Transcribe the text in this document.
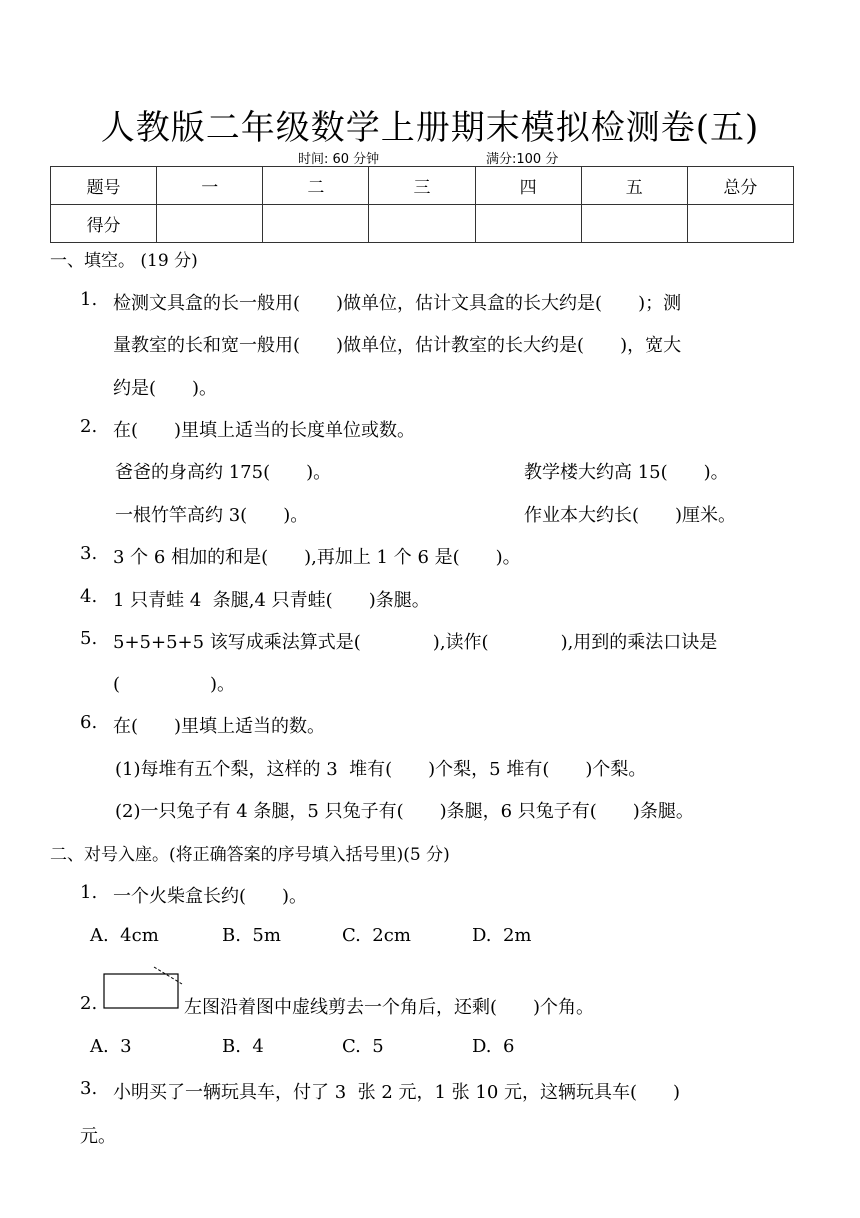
人教版二年级数学上册期末模拟检测卷(五)
时间: 60 分钟	满分:100 分
题号	一	二	三	四	五	总分
得分						
一、填空。 (19 分)
1. 检测文具盒的长一般用(　　)做单位，估计文具盒的长大约是(　　)；测
量教室的长和宽一般用(　　)做单位，估计教室的长大约是(　　)，宽大
约是(　　)。
2. 在(　　)里填上适当的长度单位或数。
爸爸的身高约 175(　　)。	教学楼大约高 15(　　)。
一根竹竿高约 3(　　)。	作业本大约长(　　)厘米。
3. 3 个 6 相加的和是(　　),再加上 1 个 6 是(　　)。
4. 1 只青蛙 4  条腿,4 只青蛙(　　)条腿。
5. 5+5+5+5 该写成乘法算式是(　　　　),读作(　　　　),用到的乘法口诀是
(　　　　　)。
6. 在(　　)里填上适当的数。
(1)每堆有五个梨，这样的 3  堆有(　　)个梨，5 堆有(　　)个梨。
(2)一只兔子有 4 条腿，5 只兔子有(　　)条腿，6 只兔子有(　　)条腿。
二、对号入座。(将正确答案的序号填入括号里)(5 分)
1. 一个火柴盒长约(　　)。
A.  4cm	B.  5m	C.  2cm	D.  2m
2.	左图沿着图中虚线剪去一个角后，还剩(　　)个角。
A.  3	B.  4	C.  5	D.  6
3. 小明买了一辆玩具车，付了 3  张 2 元，1 张 10 元，这辆玩具车(　　)
元。
